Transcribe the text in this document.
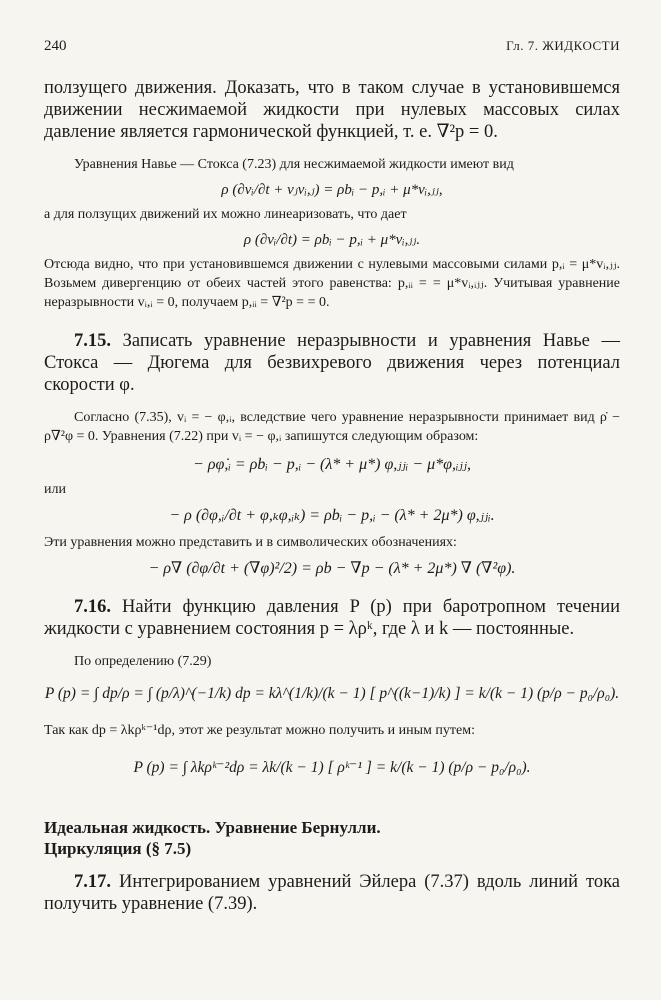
240	Гл. 7. ЖИДКОСТИ

ползущего движения. Доказать, что в таком случае в установившемся движении несжимаемой жидкости при нулевых массовых силах давление является гармонической функцией, т. е. ∇²p = 0.

Уравнения Навье — Стокса (7.23) для несжимаемой жидкости имеют вид

ρ (∂vᵢ/∂t + vⱼvᵢ,ⱼ) = ρbᵢ − p,ᵢ + μ*vᵢ,ⱼⱼ,

а для ползущих движений их можно линеаризовать, что дает

ρ (∂vᵢ/∂t) = ρbᵢ − p,ᵢ + μ*vᵢ,ⱼⱼ.

Отсюда видно, что при установившемся движении с нулевыми массовыми силами p,ᵢ = μ*vᵢ,ⱼⱼ. Возьмем дивергенцию от обеих частей этого равенства: p,ᵢᵢ = = μ*vᵢ,ᵢⱼⱼ. Учитывая уравнение неразрывности vᵢ,ᵢ = 0, получаем p,ᵢᵢ = ∇²p = = 0.

7.15. Записать уравнение неразрывности и уравнения Навье — Стокса — Дюгема для безвихревого движения через потенциал скорости φ.

Согласно (7.35), vᵢ = − φ,ᵢ, вследствие чего уравнение неразрывности принимает вид ρ̇ − ρ∇²φ = 0. Уравнения (7.22) при vᵢ = − φ,ᵢ запишутся следующим образом:

− ρφ̇,ᵢ = ρbᵢ − p,ᵢ − (λ* + μ*) φ,ⱼⱼᵢ − μ*φ,ᵢⱼⱼ,

или

− ρ (∂φ,ᵢ/∂t + φ,ₖφ,ᵢₖ) = ρbᵢ − p,ᵢ − (λ* + 2μ*) φ,ⱼⱼᵢ.

Эти уравнения можно представить и в символических обозначениях:

− ρ∇ (∂φ/∂t + (∇φ)²/2) = ρb − ∇p − (λ* + 2μ*) ∇ (∇²φ).

7.16. Найти функцию давления P (p) при баротропном течении жидкости с уравнением состояния p = λρᵏ, где λ и k — постоянные.

По определению (7.29)

P (p) = ∫ dp/ρ = ∫ (p/λ)^(−1/k) dp = kλ^(1/k)/(k − 1) [ p^((k−1)/k) ] = k/(k − 1) (p/ρ − p₀/ρ₀).

Так как dp = λkρᵏ⁻¹dρ, этот же результат можно получить и иным путем:

P (p) = ∫ λkρᵏ⁻²dρ = λk/(k − 1) [ ρᵏ⁻¹ ] = k/(k − 1) (p/ρ − p₀/ρ₀).
Идеальная жидкость. Уравнение Бернулли.
Циркуляция (§ 7.5)

7.17. Интегрированием уравнений Эйлера (7.37) вдоль линий тока получить уравнение (7.39).
